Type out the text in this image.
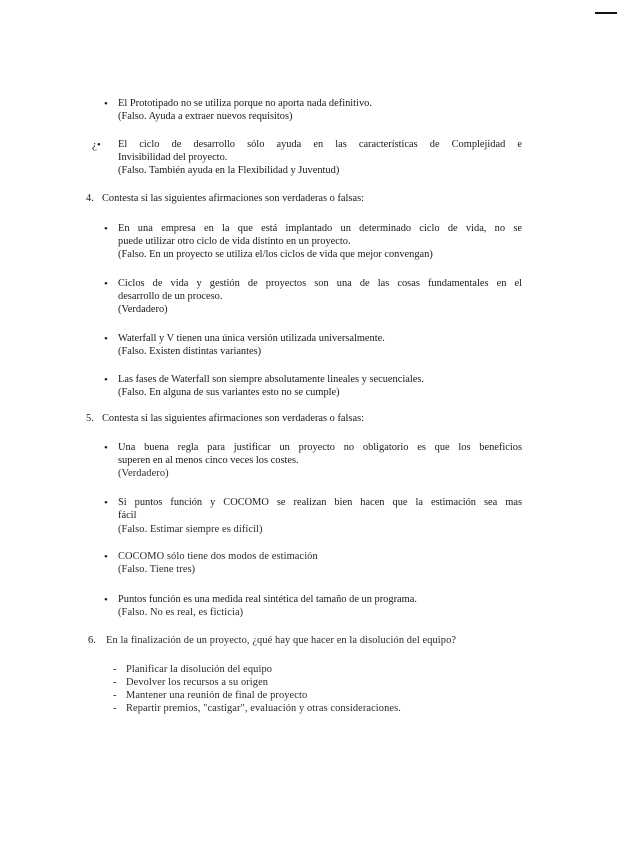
• El Prototipado no se utiliza porque no aporta nada definitivo.
(Falso. Ayuda a extraer nuevos requisitos)
¿• El ciclo de desarrollo sólo ayuda en las características de Complejidad e
Invisibilidad del proyecto.
(Falso. También ayuda en la Flexibilidad y Juventud)
4. Contesta si las siguientes afirmaciones son verdaderas o falsas:
• En una empresa en la que está implantado un determinado ciclo de vida, no se
puede utilizar otro ciclo de vida distinto en un proyecto.
(Falso. En un proyecto se utiliza el/los ciclos de vida que mejor convengan)
• Ciclos de vida y gestión de proyectos son una de las cosas fundamentales en el
desarrollo de un proceso.
(Verdadero)
• Waterfall y V tienen una única versión utilizada universalmente.
(Falso. Existen distintas variantes)
• Las fases de Waterfall son siempre absolutamente lineales y secuenciales.
(Falso. En alguna de sus variantes esto no se cumple)
5. Contesta si las siguientes afirmaciones son verdaderas o falsas:
• Una buena regla para justificar un proyecto no obligatorio es que los beneficios
superen en al menos cinco veces los costes.
(Verdadero)
• Si puntos función y COCOMO se realizan bien hacen que la estimación sea mas
fácil
(Falso. Estimar siempre es difícil)
• COCOMO sólo tiene dos modos de estimación
(Falso. Tiene tres)
• Puntos función es una medida real sintética del tamaño de un programa.
(Falso. No es real, es ficticia)
6. En la finalización de un proyecto, ¿qué hay que hacer en la disolución del equipo?
- Planificar la disolución del equipo
- Devolver los recursos a su origen
- Mantener una reunión de final de proyecto
- Repartir premios, "castigar", evaluación y otras consideraciones.
